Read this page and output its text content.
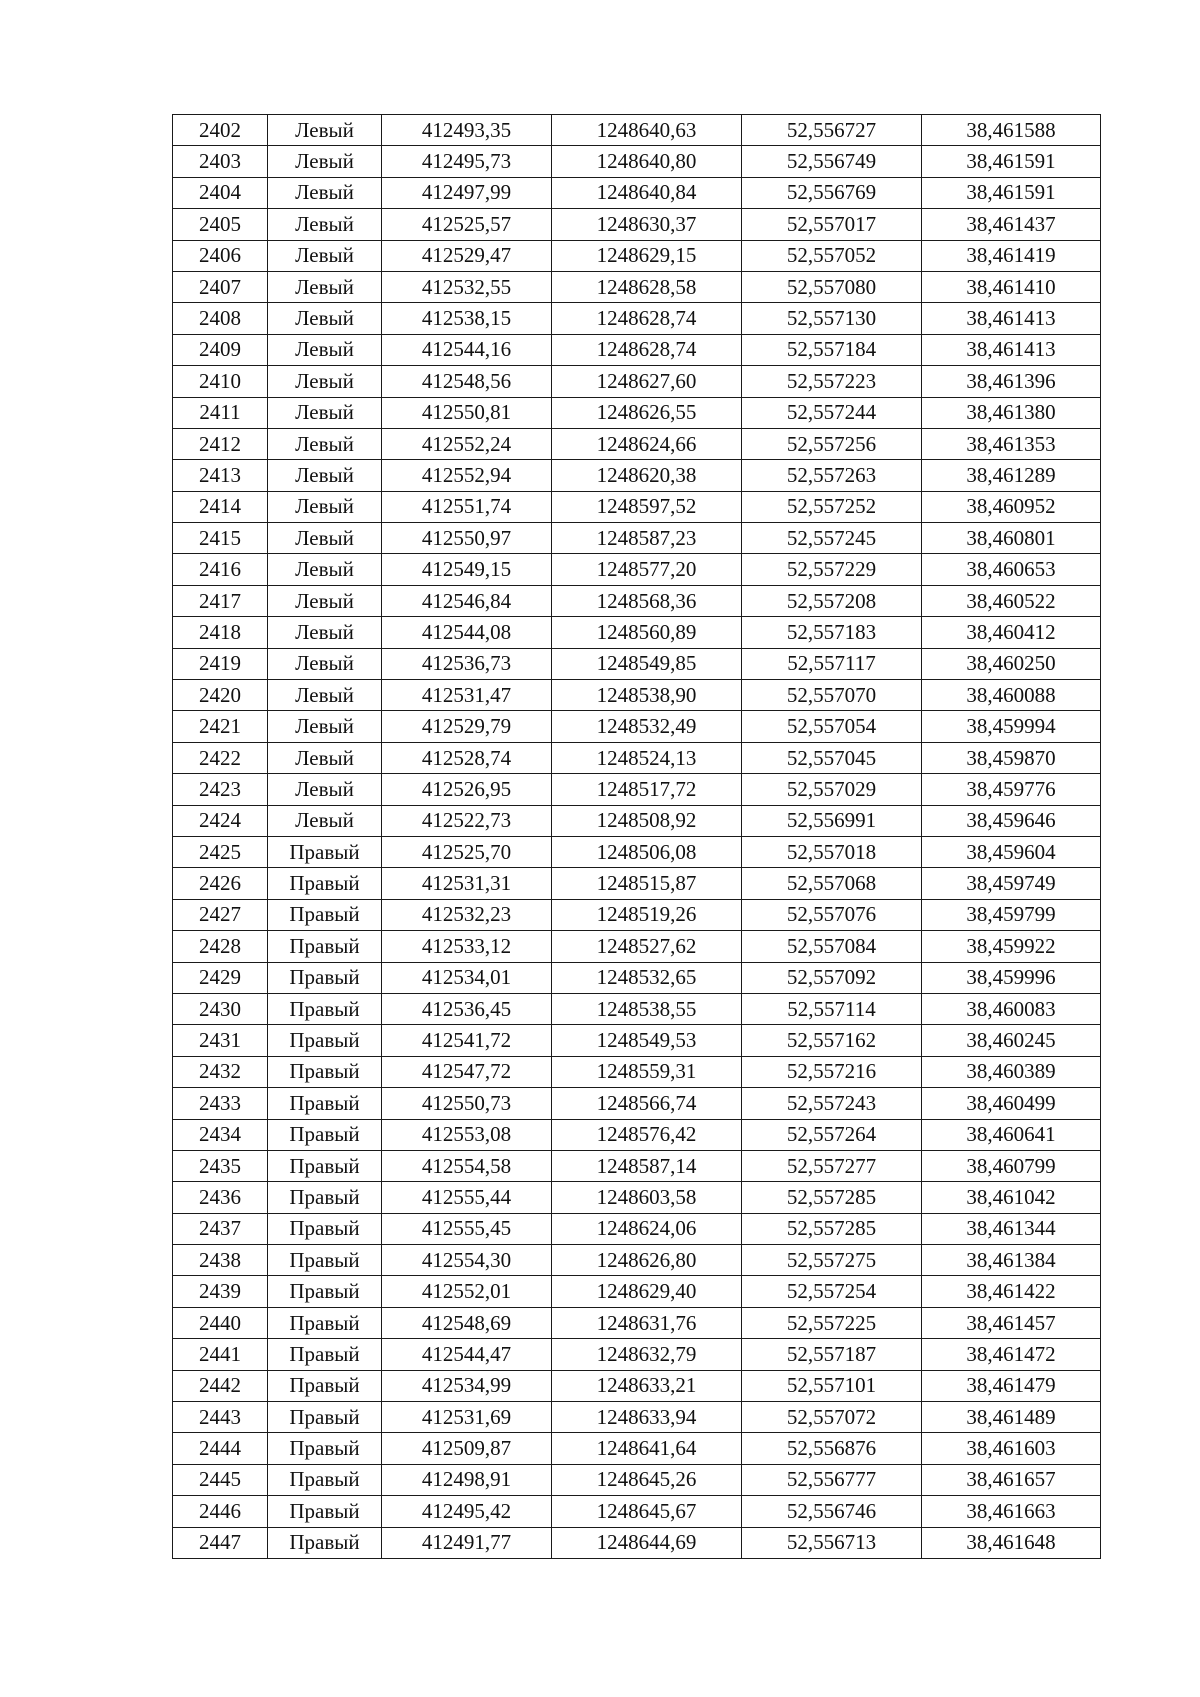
2402	Левый	412493,35	1248640,63	52,556727	38,461588
2403	Левый	412495,73	1248640,80	52,556749	38,461591
2404	Левый	412497,99	1248640,84	52,556769	38,461591
2405	Левый	412525,57	1248630,37	52,557017	38,461437
2406	Левый	412529,47	1248629,15	52,557052	38,461419
2407	Левый	412532,55	1248628,58	52,557080	38,461410
2408	Левый	412538,15	1248628,74	52,557130	38,461413
2409	Левый	412544,16	1248628,74	52,557184	38,461413
2410	Левый	412548,56	1248627,60	52,557223	38,461396
2411	Левый	412550,81	1248626,55	52,557244	38,461380
2412	Левый	412552,24	1248624,66	52,557256	38,461353
2413	Левый	412552,94	1248620,38	52,557263	38,461289
2414	Левый	412551,74	1248597,52	52,557252	38,460952
2415	Левый	412550,97	1248587,23	52,557245	38,460801
2416	Левый	412549,15	1248577,20	52,557229	38,460653
2417	Левый	412546,84	1248568,36	52,557208	38,460522
2418	Левый	412544,08	1248560,89	52,557183	38,460412
2419	Левый	412536,73	1248549,85	52,557117	38,460250
2420	Левый	412531,47	1248538,90	52,557070	38,460088
2421	Левый	412529,79	1248532,49	52,557054	38,459994
2422	Левый	412528,74	1248524,13	52,557045	38,459870
2423	Левый	412526,95	1248517,72	52,557029	38,459776
2424	Левый	412522,73	1248508,92	52,556991	38,459646
2425	Правый	412525,70	1248506,08	52,557018	38,459604
2426	Правый	412531,31	1248515,87	52,557068	38,459749
2427	Правый	412532,23	1248519,26	52,557076	38,459799
2428	Правый	412533,12	1248527,62	52,557084	38,459922
2429	Правый	412534,01	1248532,65	52,557092	38,459996
2430	Правый	412536,45	1248538,55	52,557114	38,460083
2431	Правый	412541,72	1248549,53	52,557162	38,460245
2432	Правый	412547,72	1248559,31	52,557216	38,460389
2433	Правый	412550,73	1248566,74	52,557243	38,460499
2434	Правый	412553,08	1248576,42	52,557264	38,460641
2435	Правый	412554,58	1248587,14	52,557277	38,460799
2436	Правый	412555,44	1248603,58	52,557285	38,461042
2437	Правый	412555,45	1248624,06	52,557285	38,461344
2438	Правый	412554,30	1248626,80	52,557275	38,461384
2439	Правый	412552,01	1248629,40	52,557254	38,461422
2440	Правый	412548,69	1248631,76	52,557225	38,461457
2441	Правый	412544,47	1248632,79	52,557187	38,461472
2442	Правый	412534,99	1248633,21	52,557101	38,461479
2443	Правый	412531,69	1248633,94	52,557072	38,461489
2444	Правый	412509,87	1248641,64	52,556876	38,461603
2445	Правый	412498,91	1248645,26	52,556777	38,461657
2446	Правый	412495,42	1248645,67	52,556746	38,461663
2447	Правый	412491,77	1248644,69	52,556713	38,461648
